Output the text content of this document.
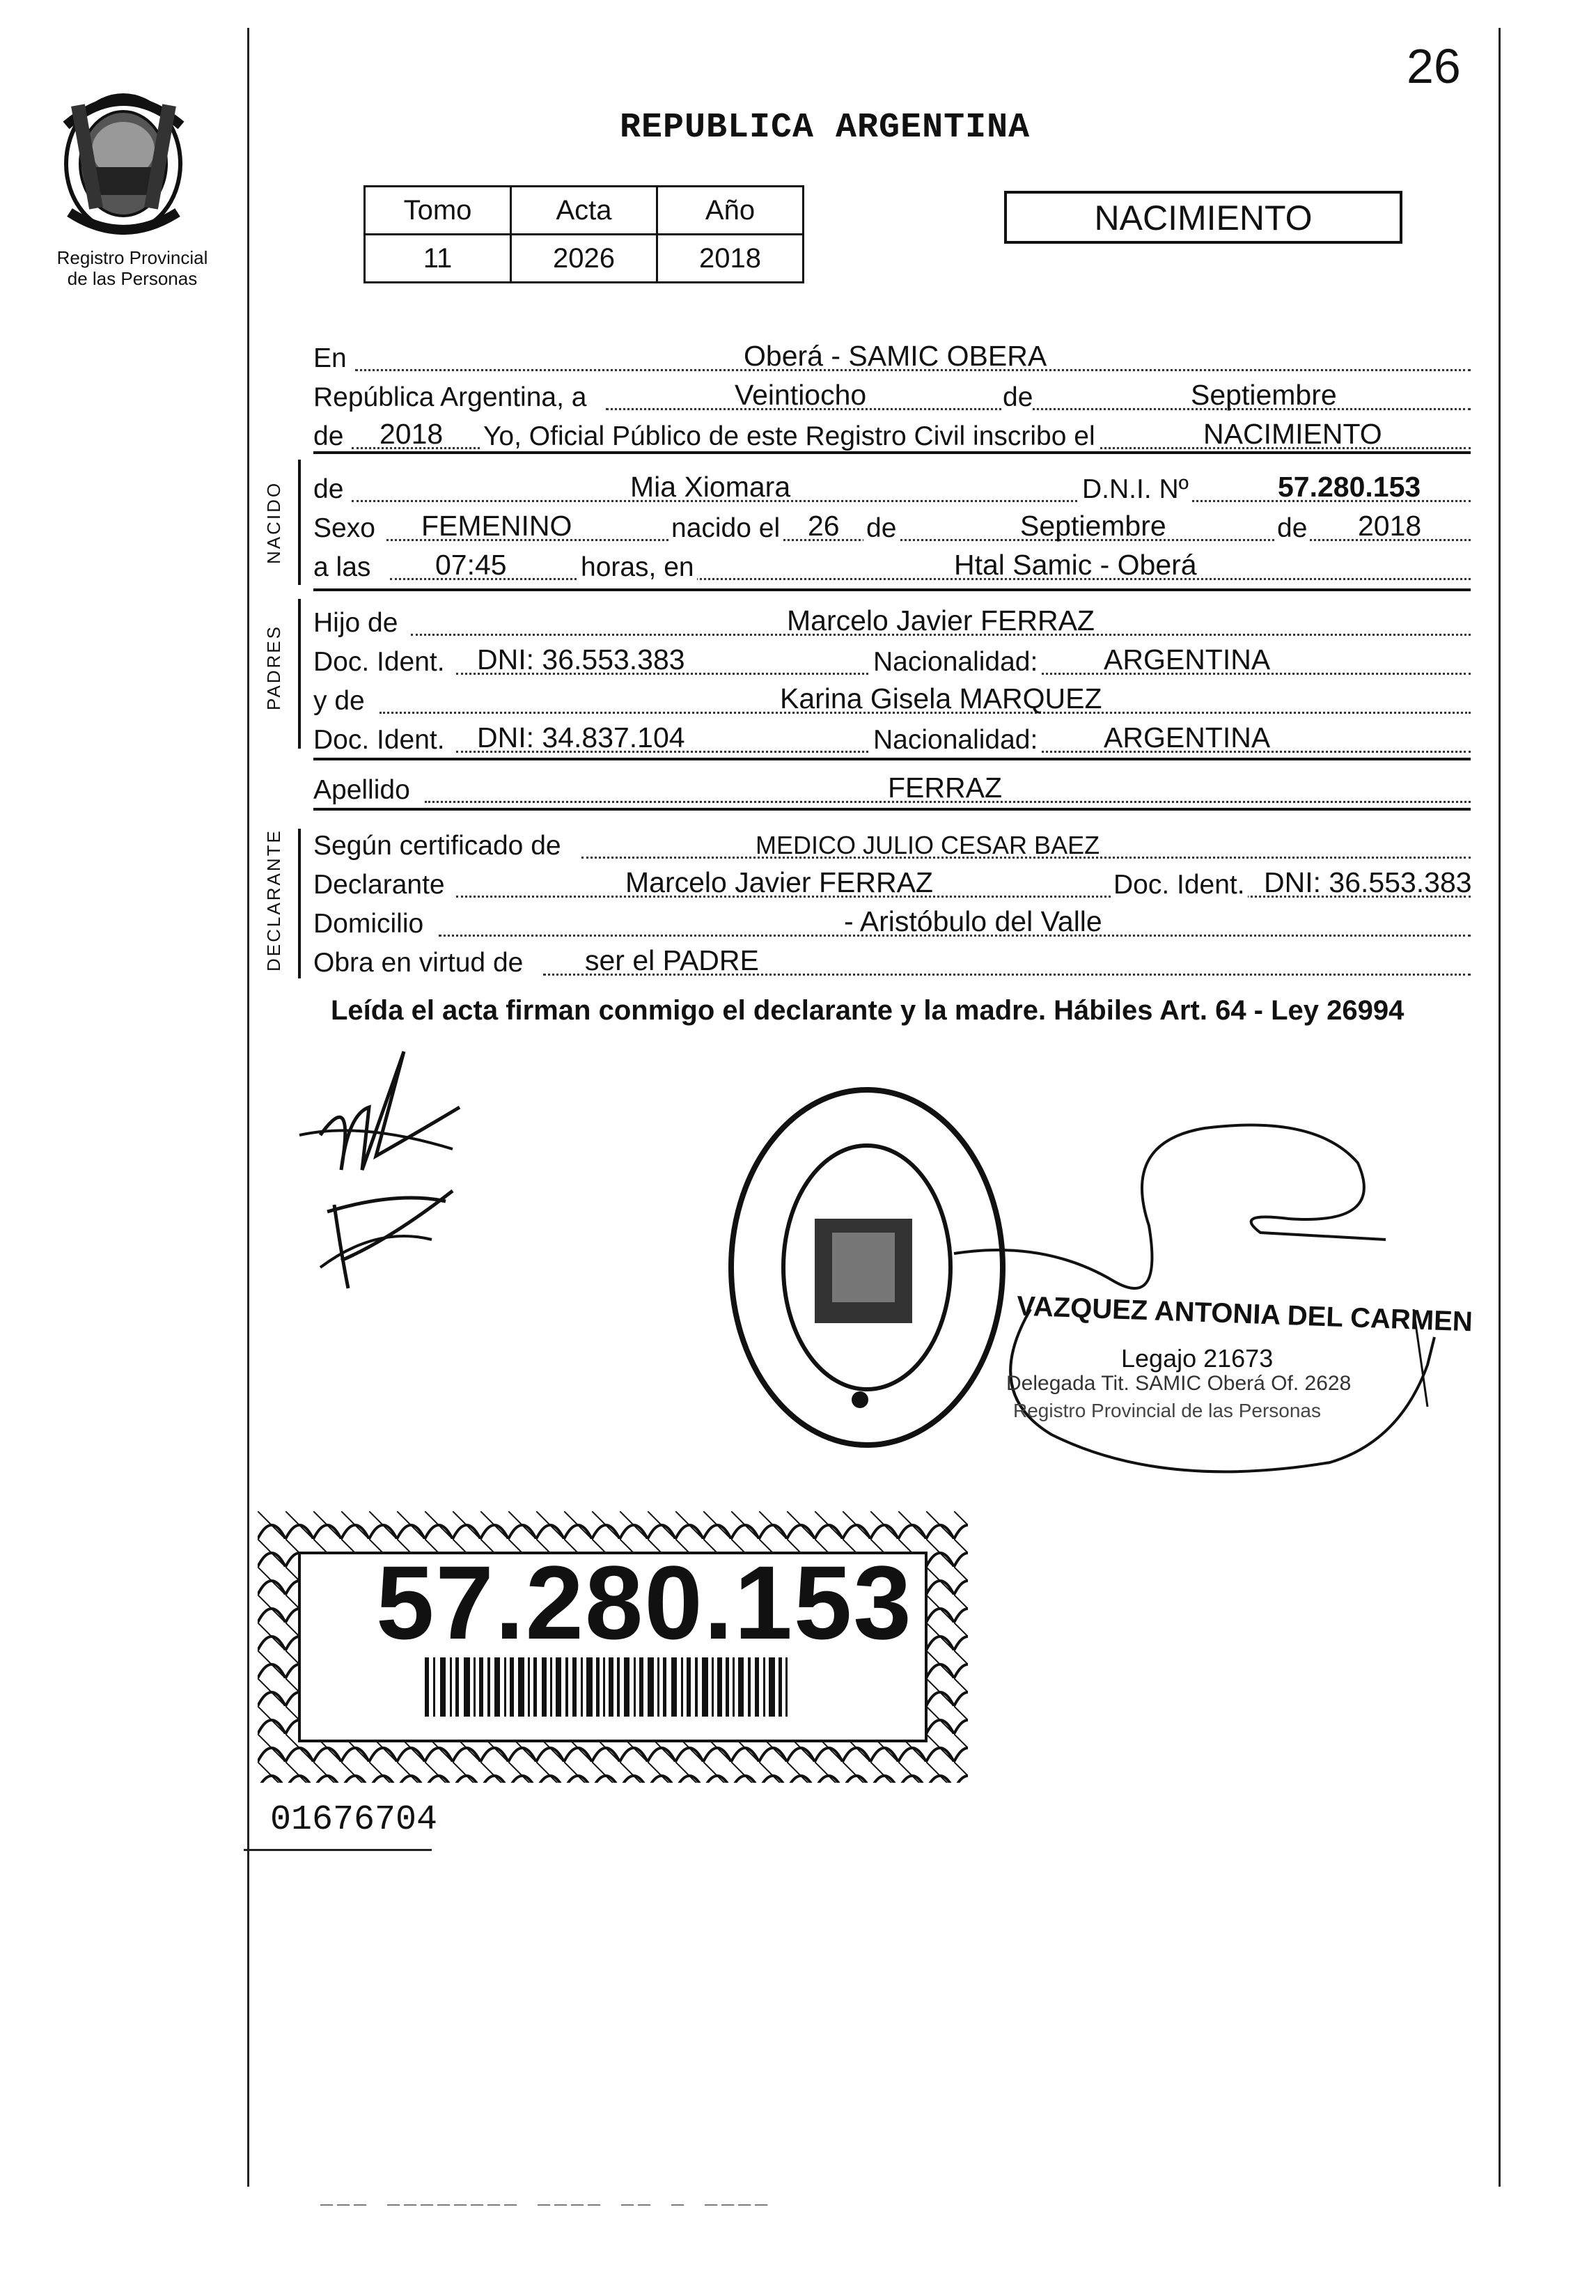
26
Registro Provincial
de las Personas
REPUBLICA ARGENTINA
Tomo	Acta	Año
11	2026	2018
NACIMIENTO
En	Oberá - SAMIC OBERA
República Argentina, a	Veintiocho	de	Septiembre
de 2018 Yo, Oficial Público de este Registro Civil inscribo el	NACIMIENTO
NACIDO de	Mia Xiomara	D.N.I. Nº	57.280.153
Sexo FEMENINO	nacido el 26 de	Septiembre	de 2018
a las 07:45	horas, en	Htal Samic - Oberá
PADRES
Hijo de	Marcelo Javier FERRAZ
Doc. Ident. DNI: 36.553.383	Nacionalidad: ARGENTINA
y de	Karina Gisela MARQUEZ
Doc. Ident. DNI: 34.837.104	Nacionalidad: ARGENTINA
Apellido	FERRAZ
DECLARANTE Según certificado de	MEDICO JULIO CESAR BAEZ
Declarante	Marcelo Javier FERRAZ	Doc. Ident. DNI: 36.553.383
Domicilio	- Aristóbulo del Valle
Obra en virtud de ser el PADRE
Leída el acta firman conmigo el declarante y la madre. Hábiles Art. 64 - Ley 26994
VAZQUEZ ANTONIA DEL CARMEN
Legajo 21673
Delegada Tit. SAMIC Oberá Of. 2628
Registro Provincial de las Personas
57.280.153
01676704
___ ________ ____ __ _ ____
